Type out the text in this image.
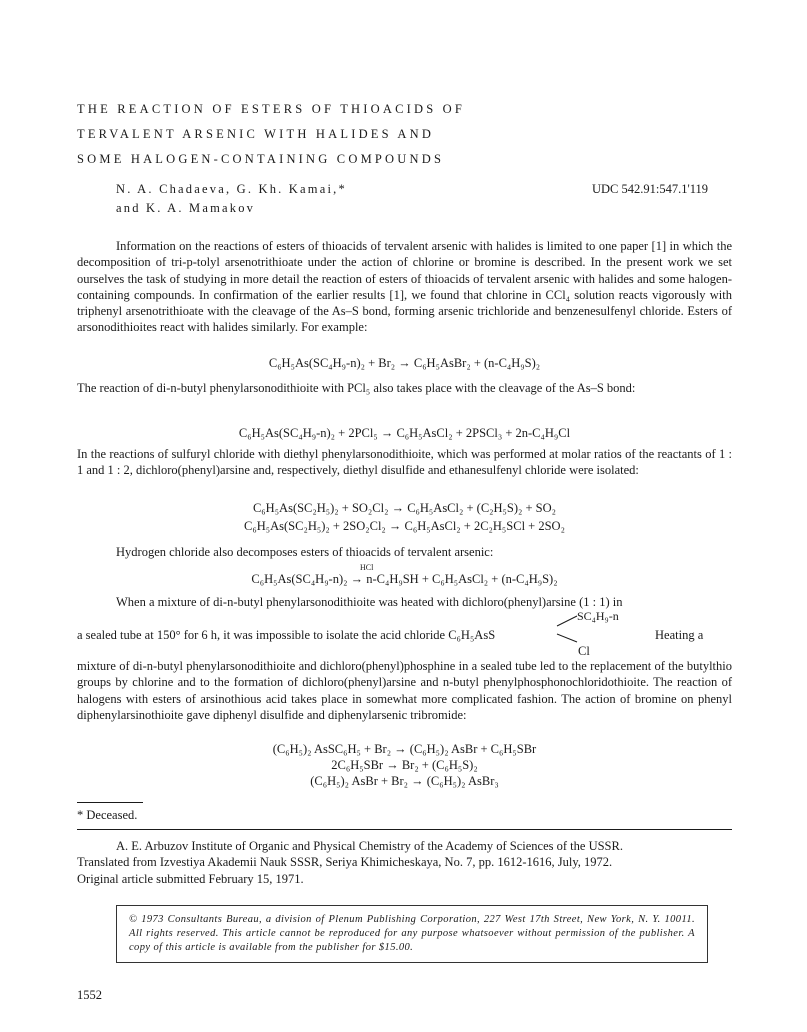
THE REACTION OF ESTERS OF THIOACIDS OF
TERVALENT ARSENIC WITH HALIDES AND
SOME HALOGEN-CONTAINING COMPOUNDS
N. A. Chadaeva, G. Kh. Kamai,*
and K. A. Mamakov
UDC 542.91:547.1'119
Information on the reactions of esters of thioacids of tervalent arsenic with halides is limited to one paper [1] in which the decomposition of tri-p-tolyl arsenotrithioate under the action of chlorine or bromine is described. In the present work we set ourselves the task of studying in more detail the reaction of esters of thioacids of tervalent arsenic with halides and some halogen-containing compounds. In confirmation of the earlier results [1], we found that chlorine in CCl₄ solution reacts vigorously with triphenyl arsenotrithioate with the cleavage of the As–S bond, forming arsenic trichloride and benzenesulfenyl chloride. Esters of arsonodithioites react with halides similarly. For example:
C₆H₅As(SC₄H₉-n)₂ + Br₂ → C₆H₅AsBr₂ + (n-C₄H₉S)₂
The reaction of di-n-butyl phenylarsonodithioite with PCl₅ also takes place with the cleavage of the As–S bond:
C₆H₅As(SC₄H₉-n)₂ + 2PCl₅ → C₆H₅AsCl₂ + 2PSCl₃ + 2n-C₄H₉Cl
In the reactions of sulfuryl chloride with diethyl phenylarsonodithioite, which was performed at molar ratios of the reactants of 1 : 1 and 1 : 2, dichloro(phenyl)arsine and, respectively, diethyl disulfide and ethanesulfenyl chloride were isolated:
C₆H₅As(SC₂H₅)₂ + SO₂Cl₂ → C₆H₅AsCl₂ + (C₂H₅S)₂ + SO₂
C₆H₅As(SC₂H₅)₂ + 2SO₂Cl₂ → C₆H₅AsCl₂ + 2C₂H₅SCl + 2SO₂
Hydrogen chloride also decomposes esters of thioacids of tervalent arsenic:
HCl
C₆H₅As(SC₄H₉-n)₂ → n-C₄H₉SH + C₆H₅AsCl₂ + (n-C₄H₉S)₂
When a mixture of di-n-butyl phenylarsonodithioite was heated with dichloro(phenyl)arsine (1 : 1) in
SC₄H₉-n
a sealed tube at 150° for 6 h, it was impossible to isolate the acid chloride C₆H₅AsS	Heating a
Cl
mixture of di-n-butyl phenylarsonodithioite and dichloro(phenyl)phosphine in a sealed tube led to the replacement of the butylthio groups by chlorine and to the formation of dichloro(phenyl)arsine and n-butyl phenylphosphonochloridothioite. The reaction of halogens with esters of arsinothious acid takes place in somewhat more complicated fashion. The action of bromine on phenyl diphenylarsinothioite gave diphenyl disulfide and diphenylarsenic tribromide:
(C₆H₅)₂ AsSC₆H₅ + Br₂ → (C₆H₅)₂ AsBr + C₆H₅SBr
2C₆H₅SBr → Br₂ + (C₆H₅S)₂
(C₆H₅)₂ AsBr + Br₂ → (C₆H₅)₂ AsBr₃
* Deceased.
A. E. Arbuzov Institute of Organic and Physical Chemistry of the Academy of Sciences of the USSR.
Translated from Izvestiya Akademii Nauk SSSR, Seriya Khimicheskaya, No. 7, pp. 1612-1616, July, 1972.
Original article submitted February 15, 1971.
© 1973 Consultants Bureau, a division of Plenum Publishing Corporation, 227 West 17th Street, New York, N. Y. 10011. All rights reserved. This article cannot be reproduced for any purpose whatsoever without permission of the publisher. A copy of this article is available from the publisher for $15.00.
1552
